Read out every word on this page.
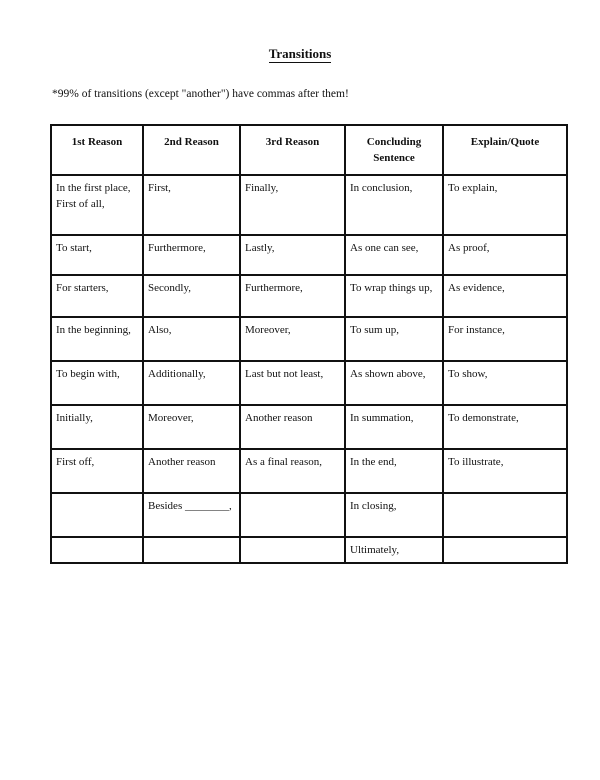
Transitions
*99% of transitions (except "another") have commas after them!
1st Reason	2nd Reason	3rd Reason	Concluding Sentence	Explain/Quote
In the first place, First of all,	First,	Finally,	In conclusion,	To explain,
To start,	Furthermore,	Lastly,	As one can see,	As proof,
For starters,	Secondly,	Furthermore,	To wrap things up,	As evidence,
In the beginning,	Also,	Moreover,	To sum up,	For instance,
To begin with,	Additionally,	Last but not least,	As shown above,	To show,
Initially,	Moreover,	Another reason	In summation,	To demonstrate,
First off,	Another reason	As a final reason,	In the end,	To illustrate,
	Besides ________,		In closing,	
			Ultimately,	
